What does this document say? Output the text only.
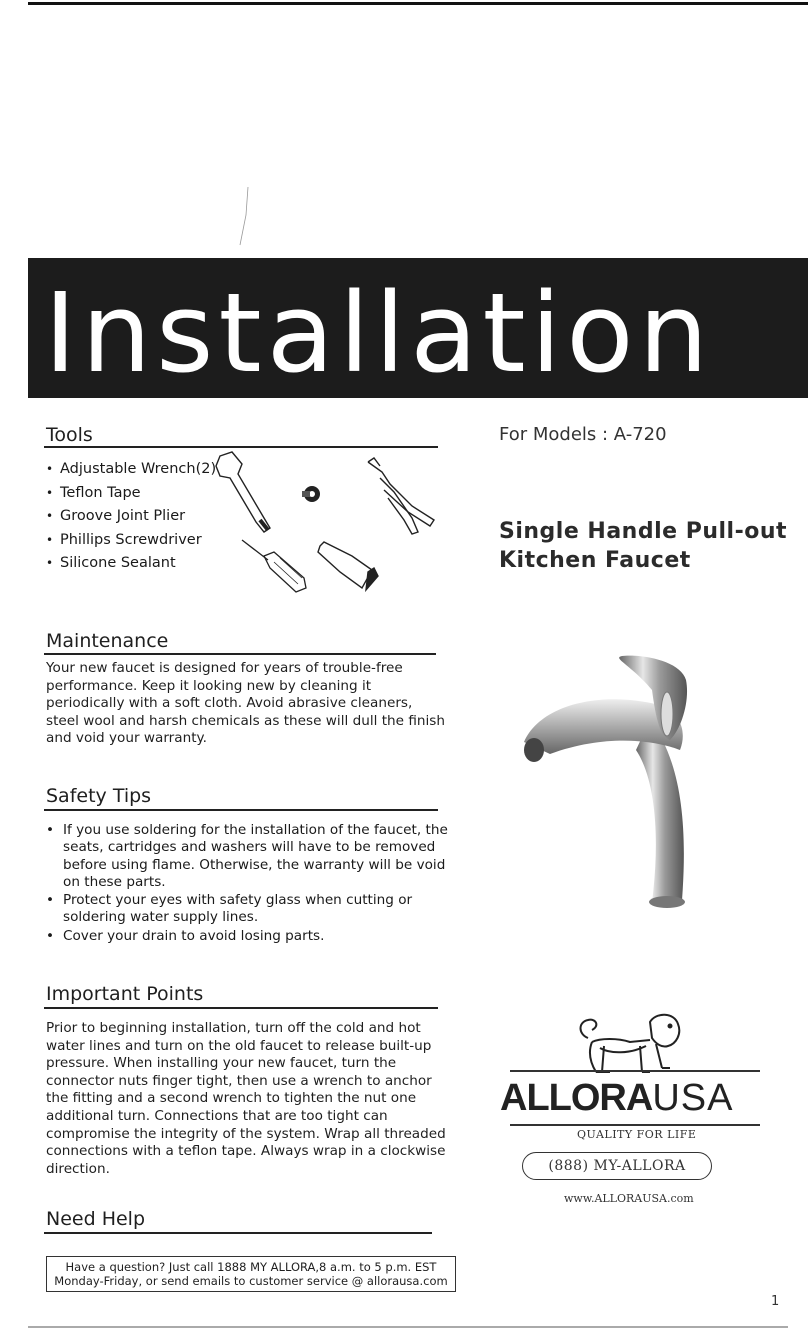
Installation
Tools
• Adjustable Wrench(2)
• Teflon Tape
• Groove Joint Plier
• Phillips Screwdriver
• Silicone Sealant
Maintenance

Your new faucet is designed for years of trouble-free
performance. Keep it looking new by cleaning it
periodically with a soft cloth. Avoid abrasive cleaners,
steel wool and harsh chemicals as these will dull the finish
and void your warranty.

Safety Tips
• If you use soldering for the installation of the faucet, the
seats, cartridges and washers will have to be removed
before using flame. Otherwise, the warranty will be void
on these parts.
• Protect your eyes with safety glass when cutting or
soldering water supply lines.
• Cover your drain to avoid losing parts.
Important Points

Prior to beginning installation, turn off the cold and hot
water lines and turn on the old faucet to release built-up
pressure. When installing your new faucet, turn the
connector nuts finger tight, then use a wrench to anchor
the fitting and a second wrench to tighten the nut one
additional turn. Connections that are too tight can
compromise the integrity of the system. Wrap all threaded
connections with a teflon tape. Always wrap in a clockwise
direction.

Need Help
Have a question? Just call 1888 MY ALLORA,8 a.m. to 5 p.m. EST
Monday-Friday, or send emails to customer service @ allorausa.com
For Models : A-720
Single Handle Pull-out
Kitchen Faucet
ALLORAUSA
QUALITY FOR LIFE
(888) MY-ALLORA
www.ALLORAUSA.com
1
